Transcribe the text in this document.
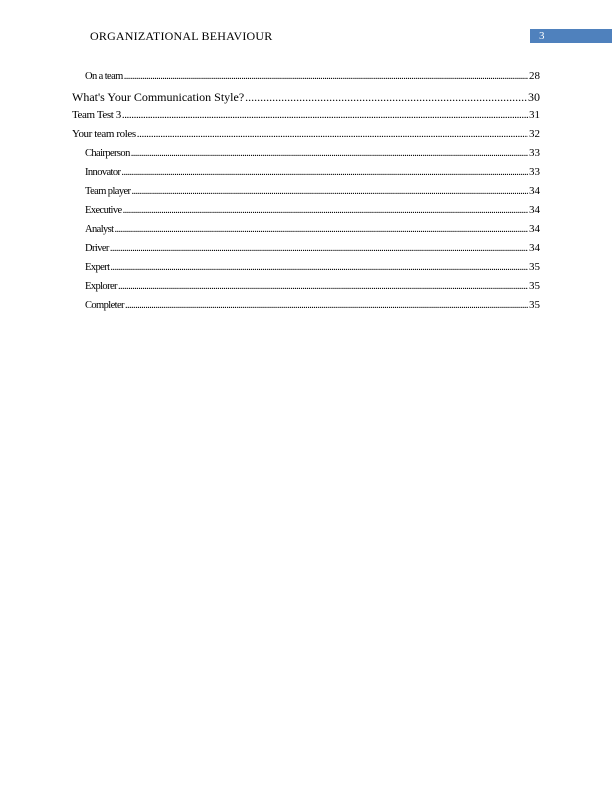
ORGANIZATIONAL BEHAVIOUR	3
On a team .....	28
What's Your Communication Style? .....	30
Team Test 3 .....	31
Your team roles .....	32
Chairperson .....	33
Innovator .....	33
Team player .....	34
Executive .....	34
Analyst .....	34
Driver .....	34
Expert .....	35
Explorer .....	35
Completer .....	35
